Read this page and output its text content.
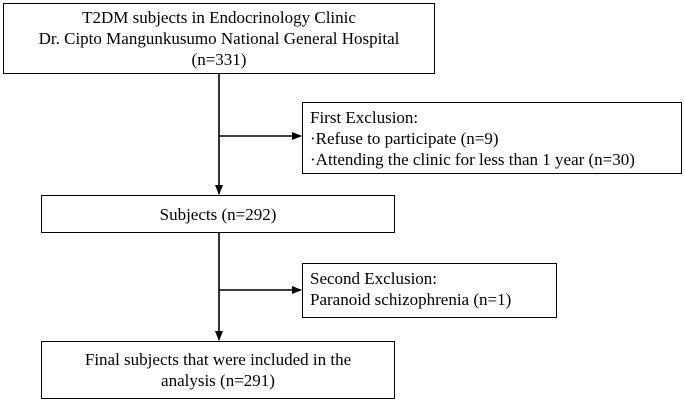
T2DM subjects in Endocrinology Clinic
Dr. Cipto Mangunkusumo National General Hospital
(n=331)
First Exclusion:
·Refuse to participate (n=9)
·Attending the clinic for less than 1 year (n=30)
Subjects (n=292)
Second Exclusion:
Paranoid schizophrenia (n=1)
Final subjects that were included in the
analysis (n=291)
